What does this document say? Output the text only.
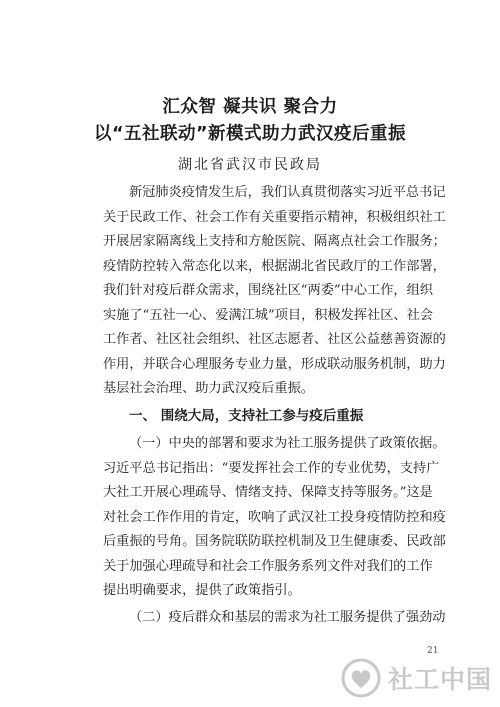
汇众智 凝共识 聚合力
以“五社联动”新模式助力武汉疫后重振
湖北省武汉市民政局
新冠肺炎疫情发生后，我们认真贯彻落实习近平总书记
关于民政工作、社会工作有关重要指示精神，积极组织社工
开展居家隔离线上支持和方舱医院、隔离点社会工作服务；
疫情防控转入常态化以来，根据湖北省民政厅的工作部署，
我们针对疫后群众需求，围绕社区“两委”中心工作，组织
实施了“五社一心、爱满江城”项目，积极发挥社区、社会
工作者、社区社会组织、社区志愿者、社区公益慈善资源的
作用，并联合心理服务专业力量，形成联动服务机制，助力
基层社会治理、助力武汉疫后重振。
一、 围绕大局，支持社工参与疫后重振
（一）中央的部署和要求为社工服务提供了政策依据。
习近平总书记指出：“要发挥社会工作的专业优势，支持广
大社工开展心理疏导、情绪支持、保障支持等服务。”这是
对社会工作作用的肯定，吹响了武汉社工投身疫情防控和疫
后重振的号角。国务院联防联控机制及卫生健康委、民政部
关于加强心理疏导和社会工作服务系列文件对我们的工作
提出明确要求，提供了政策指引。
（二）疫后群众和基层的需求为社工服务提供了强劲动
21
社工中国
